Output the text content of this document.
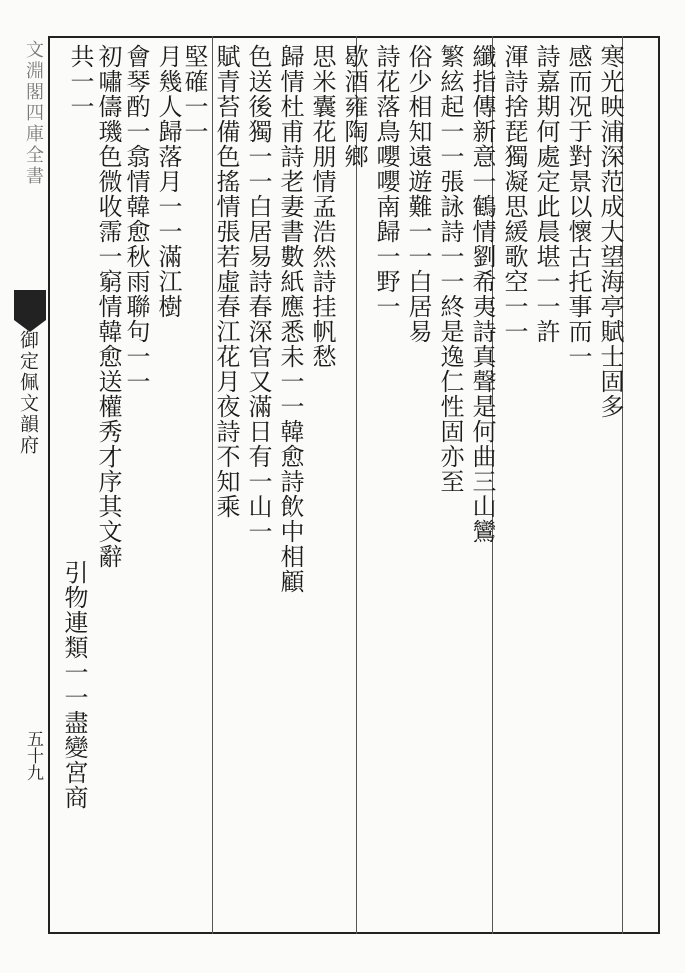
文淵閣四庫全書
御定佩文韻府
五十九
寒光映浦深范成大望海亭賦士固多
感而况于對景以懷古托事而一
詩嘉期何處定此晨堪一一許
渾詩捨琵獨凝思緩歌空一一
纖指傳新意一鶴情劉希夷詩真聲是何曲三山鸞
繁絃起一一張詠詩一一終是逸仁性固亦至
俗少相知遠遊難一一白居易
詩花落鳥嚶嚶南歸一野一
歇酒雍陶鄉
思米囊花朋情孟浩然詩挂帆愁
歸情杜甫詩老妻書數紙應悉未一一韓愈詩飲中相顧
色送後獨一一白居易詩春深官又滿日有一山一
賦青苔備色搖情張若虛春江花月夜詩不知乘
堅確一一
月幾人歸落月一一滿江樹
會琴酌一翕情韓愈秋雨聯句一一
初嘯儔璣色微收霈一窮情韓愈送權秀才序其文辭
共一一
引物連類一一盡變宮商
